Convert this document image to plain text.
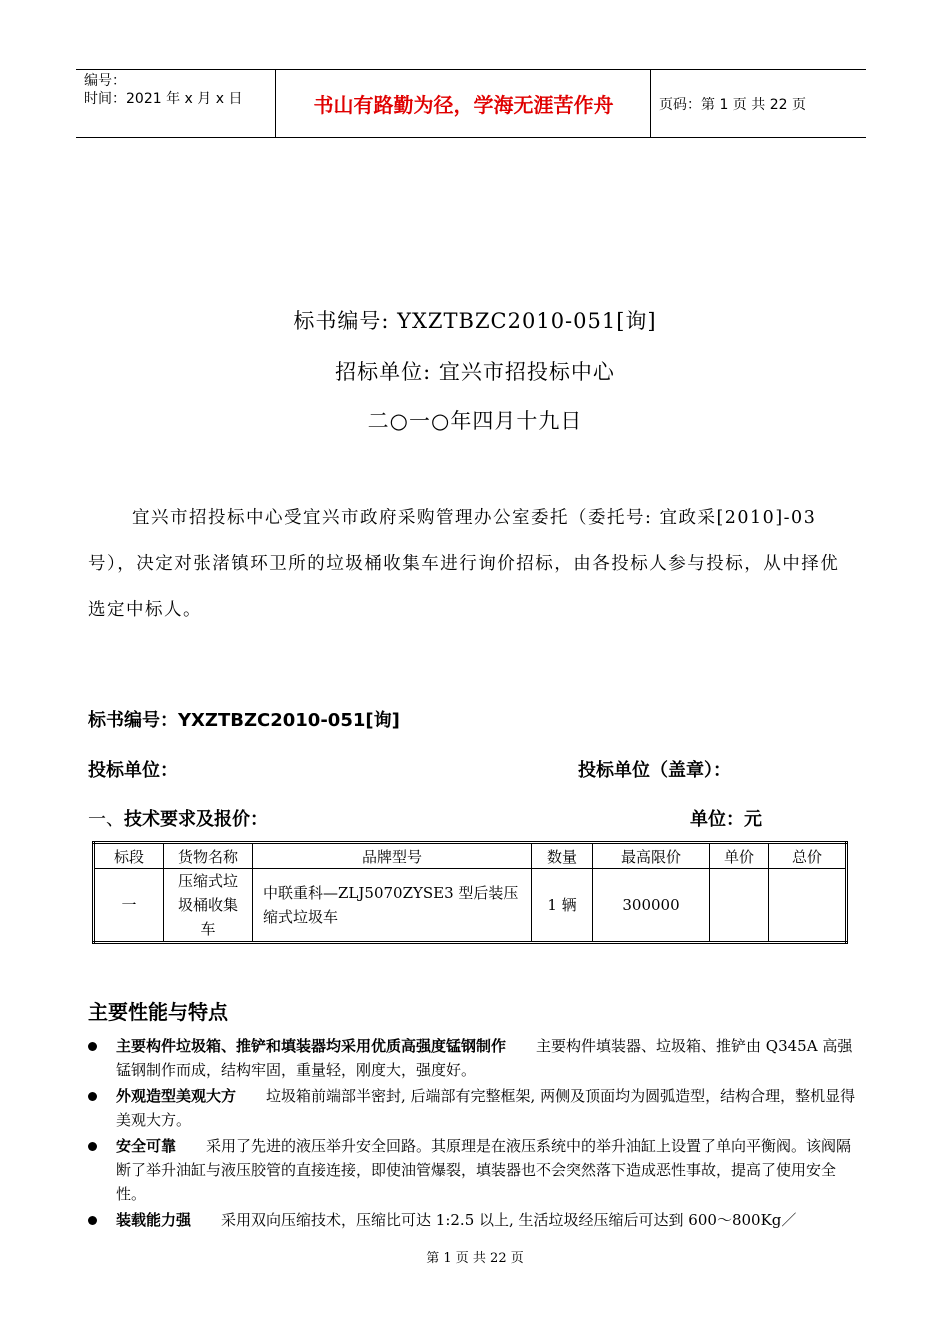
编号：
时间：2021 年 x 月 x 日	书山有路勤为径，学海无涯苦作舟	页码：第 1 页 共 22 页
标书编号: YXZTBZC2010-051[询]
招标单位: 宜兴市招投标中心
二○一○年四月十九日
宜兴市招投标中心受宜兴市政府采购管理办公室委托（委托号: 宜政采[2010]-03 号），决定对张渚镇环卫所的垃圾桶收集车进行询价招标，由各投标人参与投标，从中择优选定中标人。
标书编号：YXZTBZC2010-051[询]
投标单位：	投标单位（盖章）：
一、技术要求及报价：	单位：元
标段	货物名称	品牌型号	数量	最高限价	单价	总价
一	压缩式垃圾桶收集车	中联重科—ZLJ5070ZYSE3 型后装压缩式垃圾车	1 辆	300000		
主要性能与特点
主要构件垃圾箱、推铲和填装器均采用优质高强度锰钢制作 主要构件填装器、垃圾箱、推铲由 Q345A 高强锰钢制作而成，结构牢固，重量轻，刚度大，强度好。
外观造型美观大方 垃圾箱前端部半密封, 后端部有完整框架, 两侧及顶面均为圆弧造型，结构合理，整机显得美观大方。
安全可靠 采用了先进的液压举升安全回路。其原理是在液压系统中的举升油缸上设置了单向平衡阀。该阀隔断了举升油缸与液压胶管的直接连接，即使油管爆裂，填装器也不会突然落下造成恶性事故，提高了使用安全性。
装载能力强 采用双向压缩技术，压缩比可达 1:2.5 以上, 生活垃圾经压缩后可达到 600～800Kg／
第 1 页 共 22 页
